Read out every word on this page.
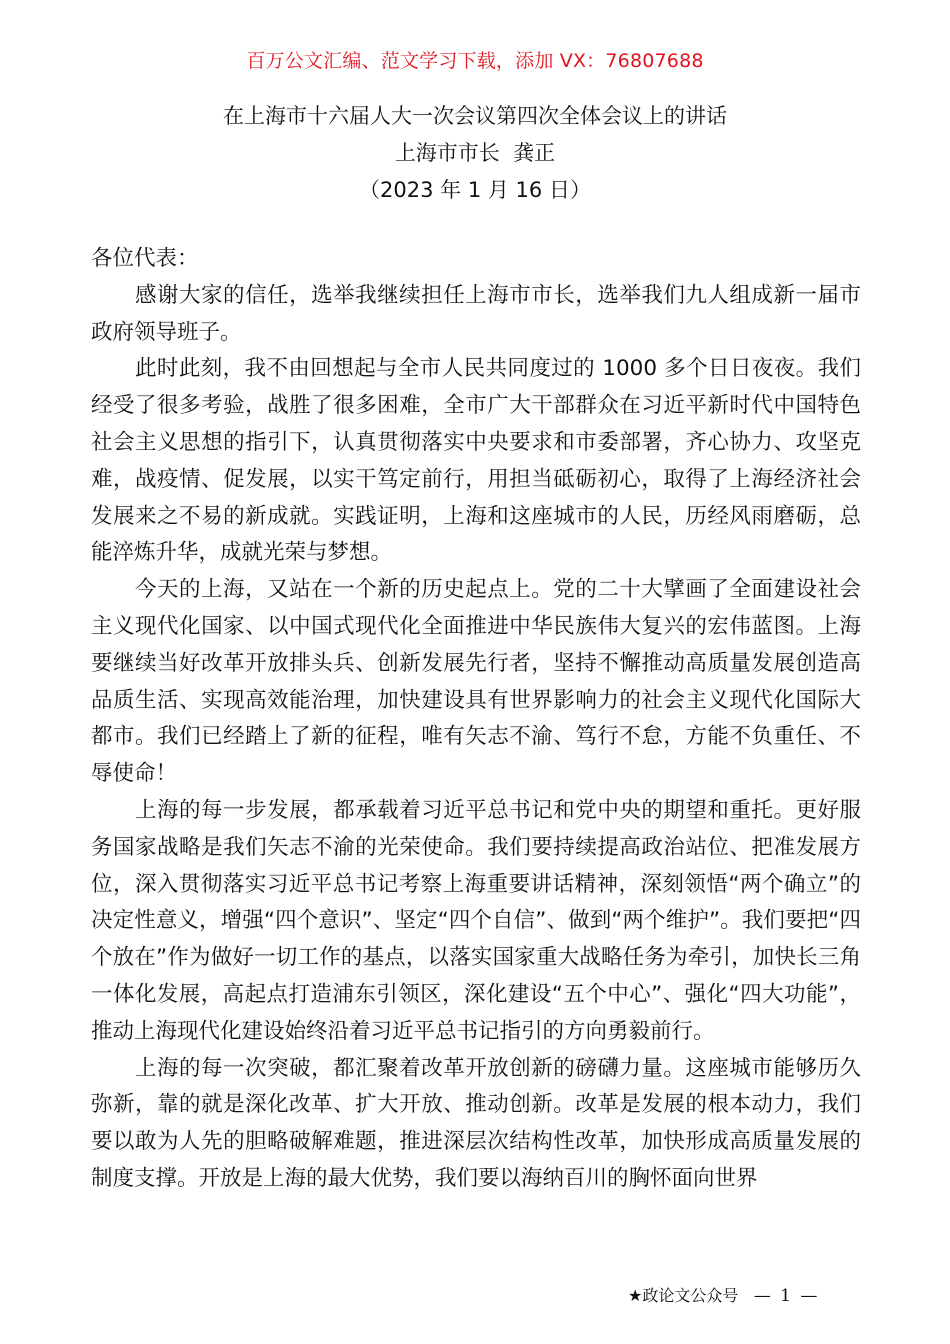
百万公文汇编、范文学习下载，添加 VX：76807688
在上海市十六届人大一次会议第四次全体会议上的讲话
上海市市长  龚正
（2023 年 1 月 16 日）

各位代表：

感谢大家的信任，选举我继续担任上海市市长，选举我们九人组成新一届市政府领导班子。

此时此刻，我不由回想起与全市人民共同度过的 1000 多个日日夜夜。我们经受了很多考验，战胜了很多困难，全市广大干部群众在习近平新时代中国特色社会主义思想的指引下，认真贯彻落实中央要求和市委部署，齐心协力、攻坚克难，战疫情、促发展，以实干笃定前行，用担当砥砺初心，取得了上海经济社会发展来之不易的新成就。实践证明，上海和这座城市的人民，历经风雨磨砺，总能淬炼升华，成就光荣与梦想。

今天的上海，又站在一个新的历史起点上。党的二十大擘画了全面建设社会主义现代化国家、以中国式现代化全面推进中华民族伟大复兴的宏伟蓝图。上海要继续当好改革开放排头兵、创新发展先行者，坚持不懈推动高质量发展创造高品质生活、实现高效能治理，加快建设具有世界影响力的社会主义现代化国际大都市。我们已经踏上了新的征程，唯有矢志不渝、笃行不怠，方能不负重任、不辱使命！

上海的每一步发展，都承载着习近平总书记和党中央的期望和重托。更好服务国家战略是我们矢志不渝的光荣使命。我们要持续提高政治站位、把准发展方位，深入贯彻落实习近平总书记考察上海重要讲话精神，深刻领悟“两个确立”的决定性意义，增强“四个意识”、坚定“四个自信”、做到“两个维护”。我们要把“四个放在”作为做好一切工作的基点，以落实国家重大战略任务为牵引，加快长三角一体化发展，高起点打造浦东引领区，深化建设“五个中心”、强化“四大功能”，推动上海现代化建设始终沿着习近平总书记指引的方向勇毅前行。

上海的每一次突破，都汇聚着改革开放创新的磅礴力量。这座城市能够历久弥新，靠的就是深化改革、扩大开放、推动创新。改革是发展的根本动力，我们要以敢为人先的胆略破解难题，推进深层次结构性改革，加快形成高质量发展的制度支撑。开放是上海的最大优势，我们要以海纳百川的胸怀面向世界

★政论文公众号 — 1 —
